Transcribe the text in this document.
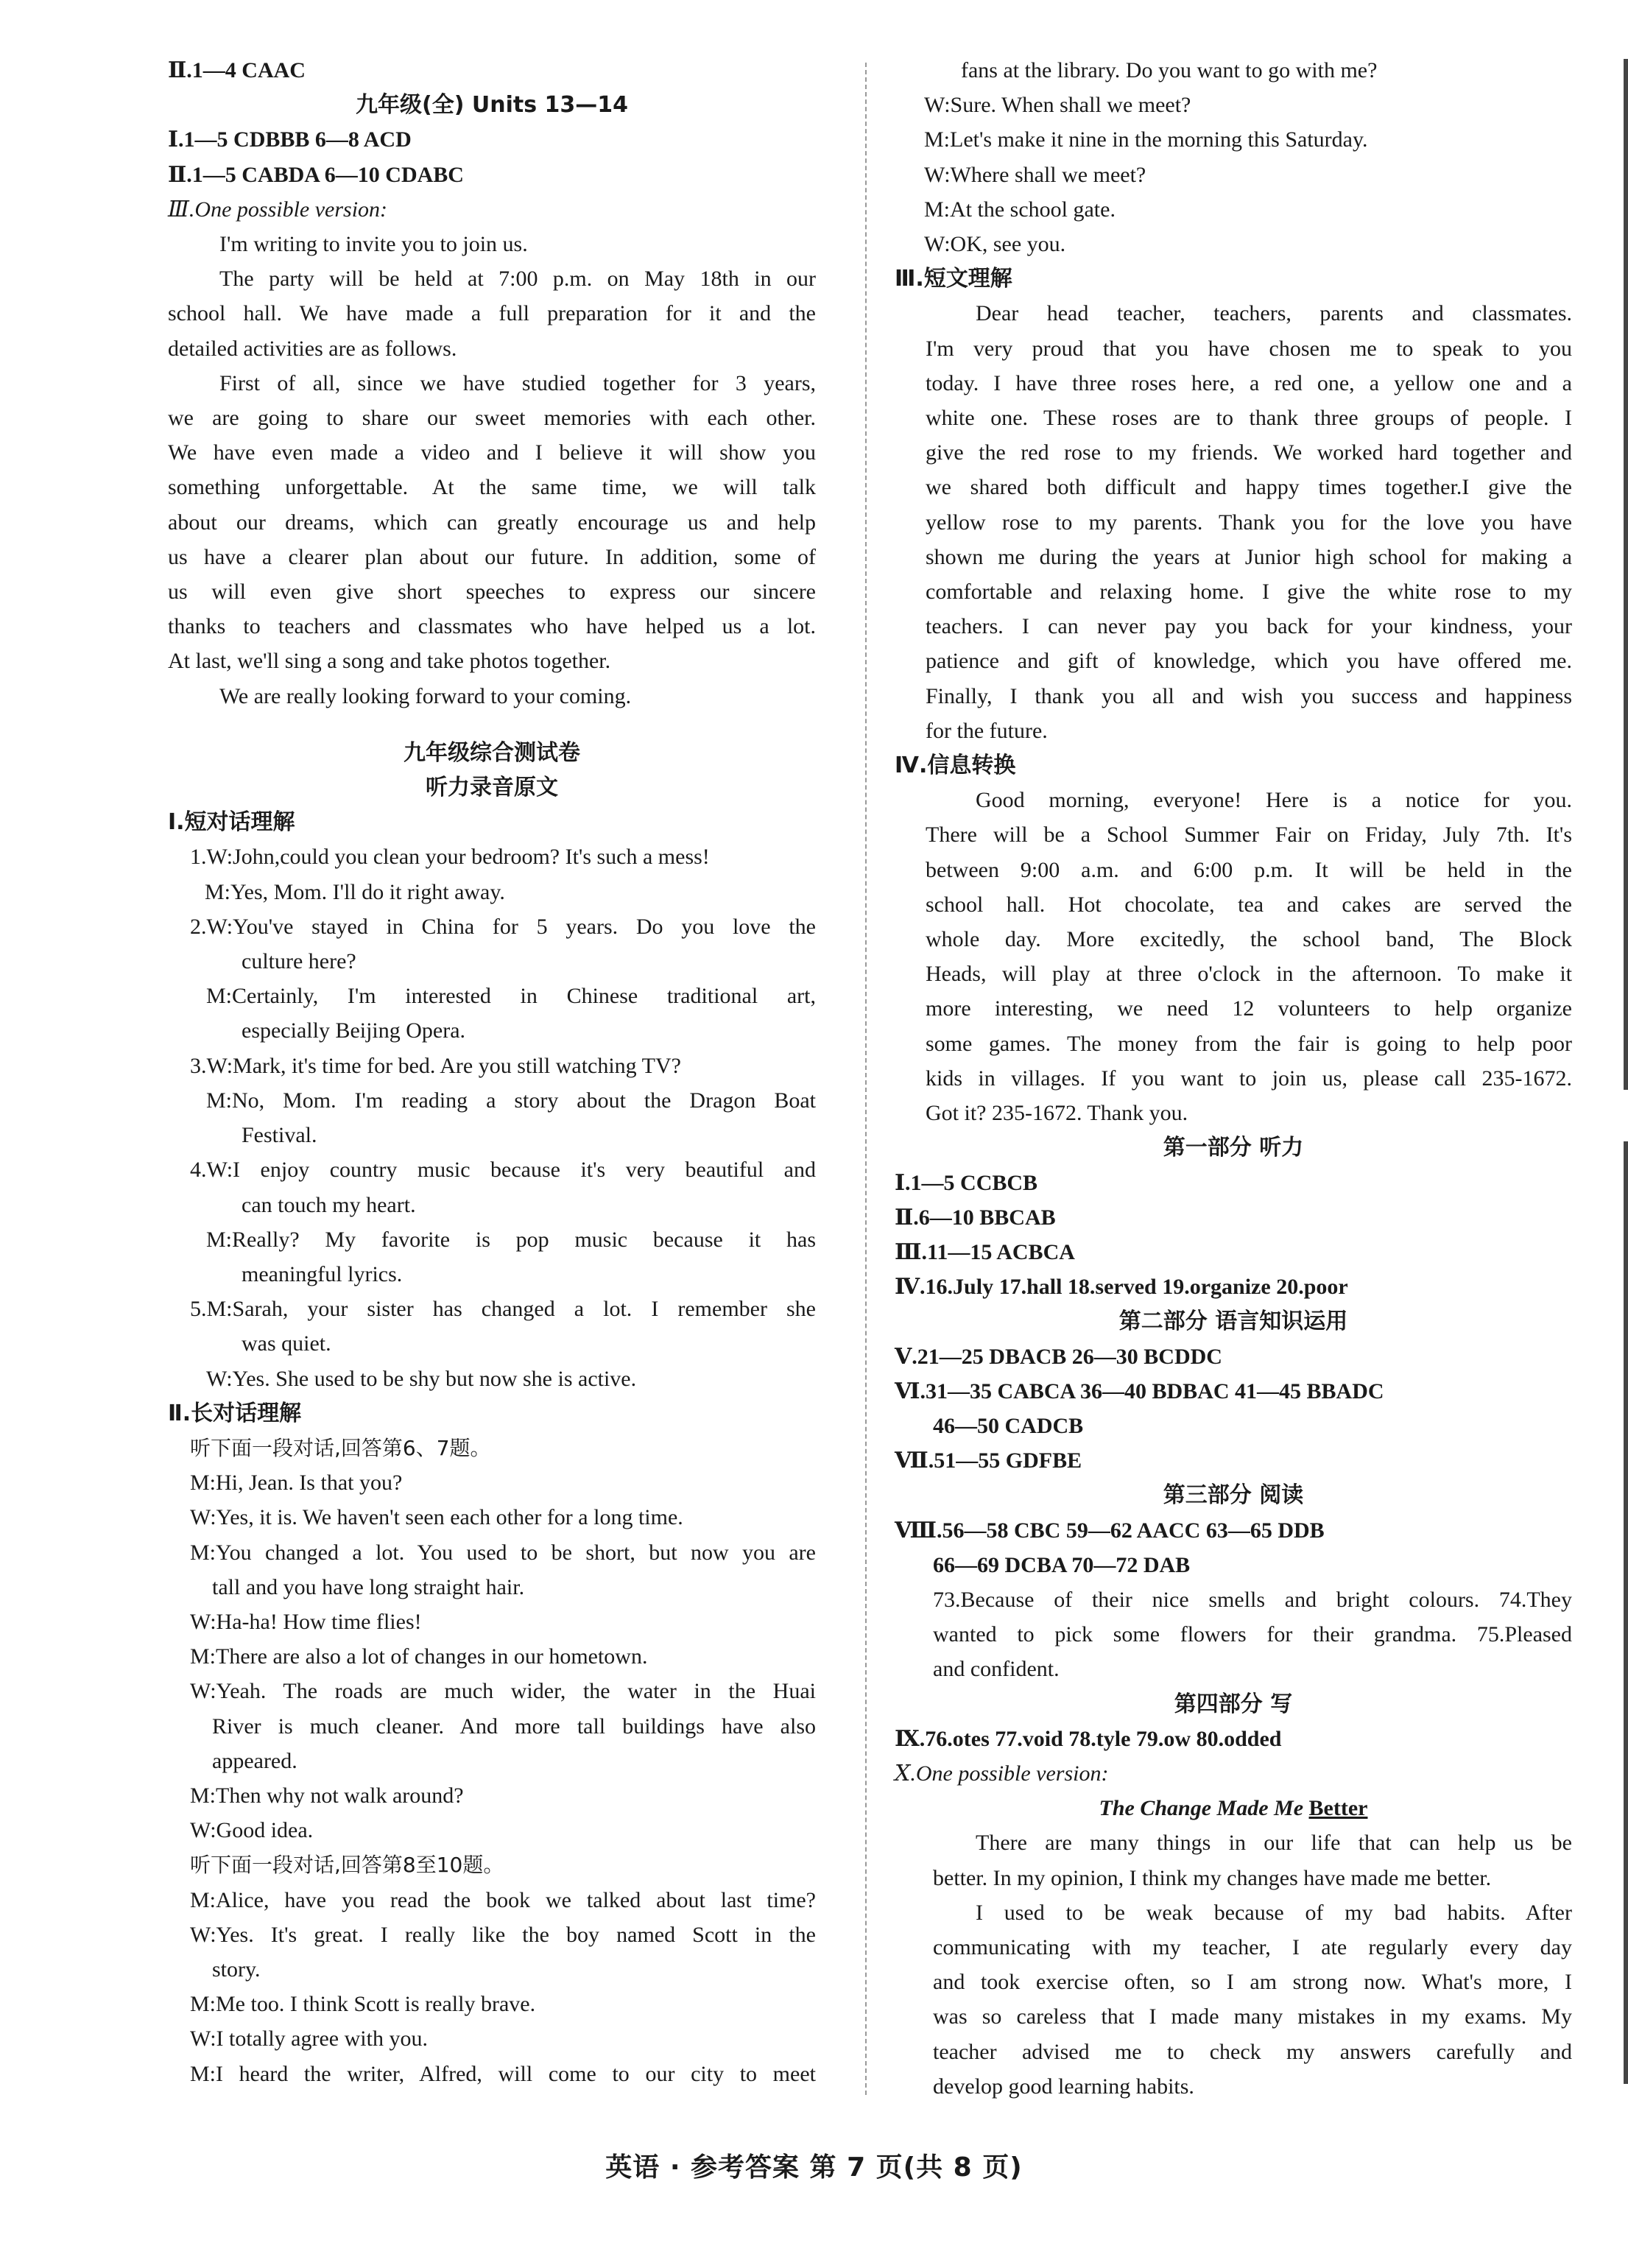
Ⅱ.1—4 CAAC
九年级(全) Units 13—14
Ⅰ.1—5 CDBBB 6—8 ACD
Ⅱ.1—5 CABDA 6—10 CDABC
Ⅲ.One possible version:
I'm writing to invite you to join us.
The party will be held at 7:00 p.m. on May 18th in our
school hall. We have made a full preparation for it and the
detailed activities are as follows.
First of all, since we have studied together for 3 years,
we are going to share our sweet memories with each other.
We have even made a video and I believe it will show you
something unforgettable. At the same time, we will talk
about our dreams, which can greatly encourage us and help
us have a clearer plan about our future. In addition, some of
us will even give short speeches to express our sincere
thanks to teachers and classmates who have helped us a lot.
At last, we'll sing a song and take photos together.
We are really looking forward to your coming.
九年级综合测试卷
听力录音原文
Ⅰ.短对话理解
1.W:John,could you clean your bedroom? It's such a mess!
M:Yes, Mom. I'll do it right away.
2.W:You've stayed in China for 5 years. Do you love the
culture here?
M:Certainly, I'm interested in Chinese traditional art,
especially Beijing Opera.
3.W:Mark, it's time for bed. Are you still watching TV?
M:No, Mom. I'm reading a story about the Dragon Boat
Festival.
4.W:I enjoy country music because it's very beautiful and
can touch my heart.
M:Really? My favorite is pop music because it has
meaningful lyrics.
5.M:Sarah, your sister has changed a lot. I remember she
was quiet.
W:Yes. She used to be shy but now she is active.
Ⅱ.长对话理解
听下面一段对话,回答第6、7题。
M:Hi, Jean. Is that you?
W:Yes, it is. We haven't seen each other for a long time.
M:You changed a lot. You used to be short, but now you are
tall and you have long straight hair.
W:Ha-ha! How time flies!
M:There are also a lot of changes in our hometown.
W:Yeah. The roads are much wider, the water in the Huai
River is much cleaner. And more tall buildings have also
appeared.
M:Then why not walk around?
W:Good idea.
听下面一段对话,回答第8至10题。
M:Alice, have you read the book we talked about last time?
W:Yes. It's great. I really like the boy named Scott in the
story.
M:Me too. I think Scott is really brave.
W:I totally agree with you.
M:I heard the writer, Alfred, will come to our city to meet
fans at the library. Do you want to go with me?
W:Sure. When shall we meet?
M:Let's make it nine in the morning this Saturday.
W:Where shall we meet?
M:At the school gate.
W:OK, see you.
Ⅲ.短文理解
Dear head teacher, teachers, parents and classmates.
I'm very proud that you have chosen me to speak to you
today. I have three roses here, a red one, a yellow one and a
white one. These roses are to thank three groups of people. I
give the red rose to my friends. We worked hard together and
we shared both difficult and happy times together.I give the
yellow rose to my parents. Thank you for the love you have
shown me during the years at Junior high school for making a
comfortable and relaxing home. I give the white rose to my
teachers. I can never pay you back for your kindness, your
patience and gift of knowledge, which you have offered me.
Finally, I thank you all and wish you success and happiness
for the future.
Ⅳ.信息转换
Good morning, everyone! Here is a notice for you.
There will be a School Summer Fair on Friday, July 7th. It's
between 9:00 a.m. and 6:00 p.m. It will be held in the
school hall. Hot chocolate, tea and cakes are served the
whole day. More excitedly, the school band, The Block
Heads, will play at three o'clock in the afternoon. To make it
more interesting, we need 12 volunteers to help organize
some games. The money from the fair is going to help poor
kids in villages. If you want to join us, please call 235-1672.
Got it? 235-1672. Thank you.
第一部分 听力
Ⅰ.1—5 CCBCB
Ⅱ.6—10 BBCAB
Ⅲ.11—15 ACBCA
Ⅳ.16.July 17.hall 18.served 19.organize 20.poor
第二部分 语言知识运用
Ⅴ.21—25 DBACB 26—30 BCDDC
Ⅵ.31—35 CABCA 36—40 BDBAC 41—45 BBADC
46—50 CADCB
Ⅶ.51—55 GDFBE
第三部分 阅读
Ⅷ.56—58 CBC 59—62 AACC 63—65 DDB
66—69 DCBA 70—72 DAB
73.Because of their nice smells and bright colours. 74.They
wanted to pick some flowers for their grandma. 75.Pleased
and confident.
第四部分 写
Ⅸ.76.otes 77.void 78.tyle 79.ow 80.odded
Ⅹ.One possible version:
The Change Made Me Better
There are many things in our life that can help us be
better. In my opinion, I think my changes have made me better.
I used to be weak because of my bad habits. After
communicating with my teacher, I ate regularly every day
and took exercise often, so I am strong now. What's more, I
was so careless that I made many mistakes in my exams. My
teacher advised me to check my answers carefully and
develop good learning habits.
英语 · 参考答案 第 7 页(共 8 页)
